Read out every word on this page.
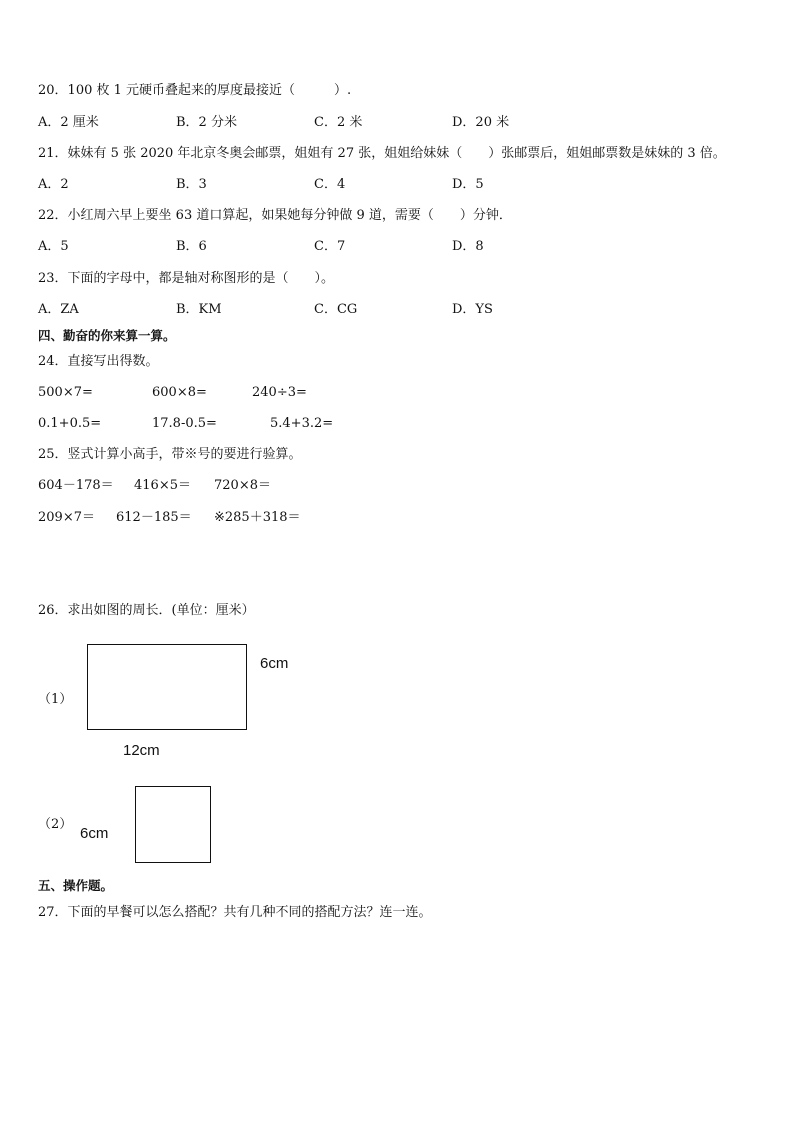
20．100 枚 1 元硬币叠起来的厚度最接近（　　　）.
A．2 厘米	B．2 分米	C．2 米	D．20 米
21．妹妹有 5 张 2020 年北京冬奥会邮票，姐姐有 27 张，姐姐给妹妹（　　）张邮票后，姐姐邮票数是妹妹的 3 倍。
A．2	B．3	C．4	D．5
22．小红周六早上要坐 63 道口算起，如果她每分钟做 9 道，需要（　　）分钟．
A．5	B．6	C．7	D．8
23．下面的字母中，都是轴对称图形的是（　　）。
A．ZA	B．KM	C．CG	D．YS
四、勤奋的你来算一算。
24．直接写出得数。
500×7=	600×8=	240÷3=
0.1+0.5=	17.8-0.5=	5.4+3.2=
25．竖式计算小高手，带※号的要进行验算。
604－178＝ 416×5＝ 720×8＝
209×7＝ 612－185＝ ※285＋318＝
26．求出如图的周长．(单位：厘米）
（1）
6cm
12cm
（2）
6cm
五、操作题。
27．下面的早餐可以怎么搭配？共有几种不同的搭配方法？连一连。
